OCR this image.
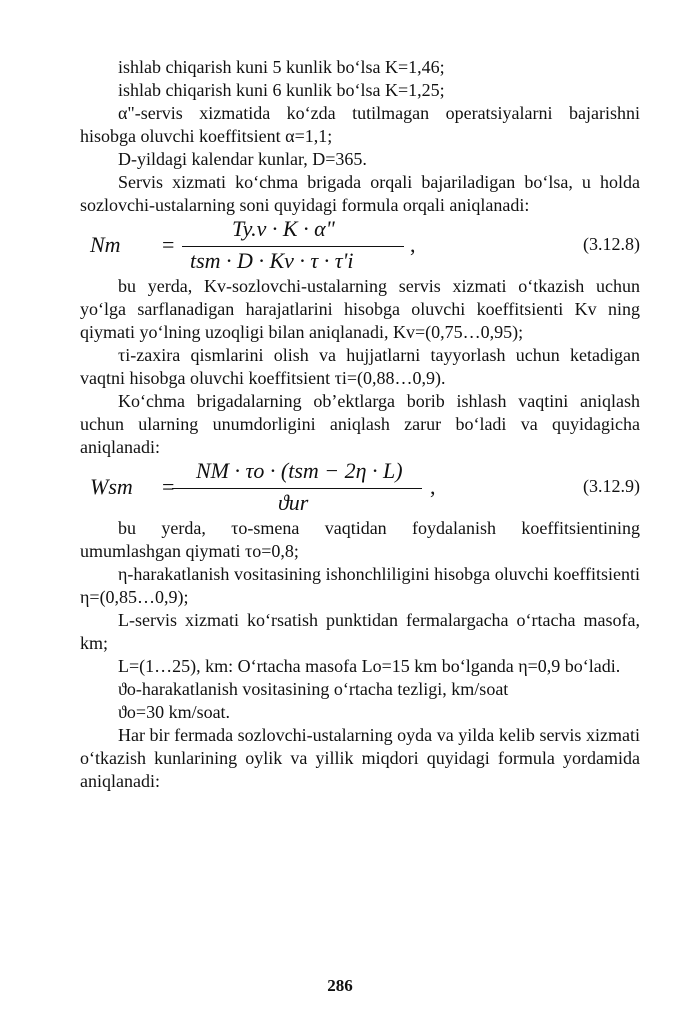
ishlab chiqarish kuni 5 kunlik bo‘lsa K=1,46;

ishlab chiqarish kuni 6 kunlik bo‘lsa K=1,25;

α"-servis xizmatida ko‘zda tutilmagan operatsiyalarni bajarishni hisobga oluvchi koeffitsient α=1,1;

D-yildagi kalendar kunlar, D=365.

Servis xizmati ko‘chma brigada orqali bajariladigan bo‘lsa, u holda sozlovchi-ustalarning soni quyidagi formula orqali aniqlanadi:

Nm =
Ty.v · K · α"
tsm · D · Kv · τ · τ'i
,	(3.12.8)

bu yerda, Kv-sozlovchi-ustalarning servis xizmati o‘tkazish uchun yo‘lga sarflanadigan harajatlarini hisobga oluvchi koeffitsienti Kv ning qiymati yo‘lning uzoqligi bilan aniqlanadi, Kv=(0,75…0,95);

τi-zaxira qismlarini olish va hujjatlarni tayyorlash uchun ketadigan vaqtni hisobga oluvchi koeffitsient τi=(0,88…0,9).

Ko‘chma brigadalarning ob’ektlarga borib ishlash vaqtini aniqlash uchun ularning unumdorligini aniqlash zarur bo‘ladi va quyidagicha aniqlanadi:

Wsm =
NM · τo · (tsm − 2η · L)
ϑur
,	(3.12.9)

bu yerda, τo-smena vaqtidan foydalanish koeffitsientining umumlashgan qiymati τo=0,8;

η-harakatlanish vositasining ishonchliligini hisobga oluvchi koeffitsienti η=(0,85…0,9);

L-servis xizmati ko‘rsatish punktidan fermalargacha o‘rtacha masofa, km;

L=(1…25), km: O‘rtacha masofa Lo=15 km bo‘lganda η=0,9 bo‘ladi.

ϑo-harakatlanish vositasining o‘rtacha tezligi, km/soat

ϑo=30 km/soat.

Har bir fermada sozlovchi-ustalarning oyda va yilda kelib servis xizmati o‘tkazish kunlarining oylik va yillik miqdori quyidagi formula yordamida aniqlanadi:

286
